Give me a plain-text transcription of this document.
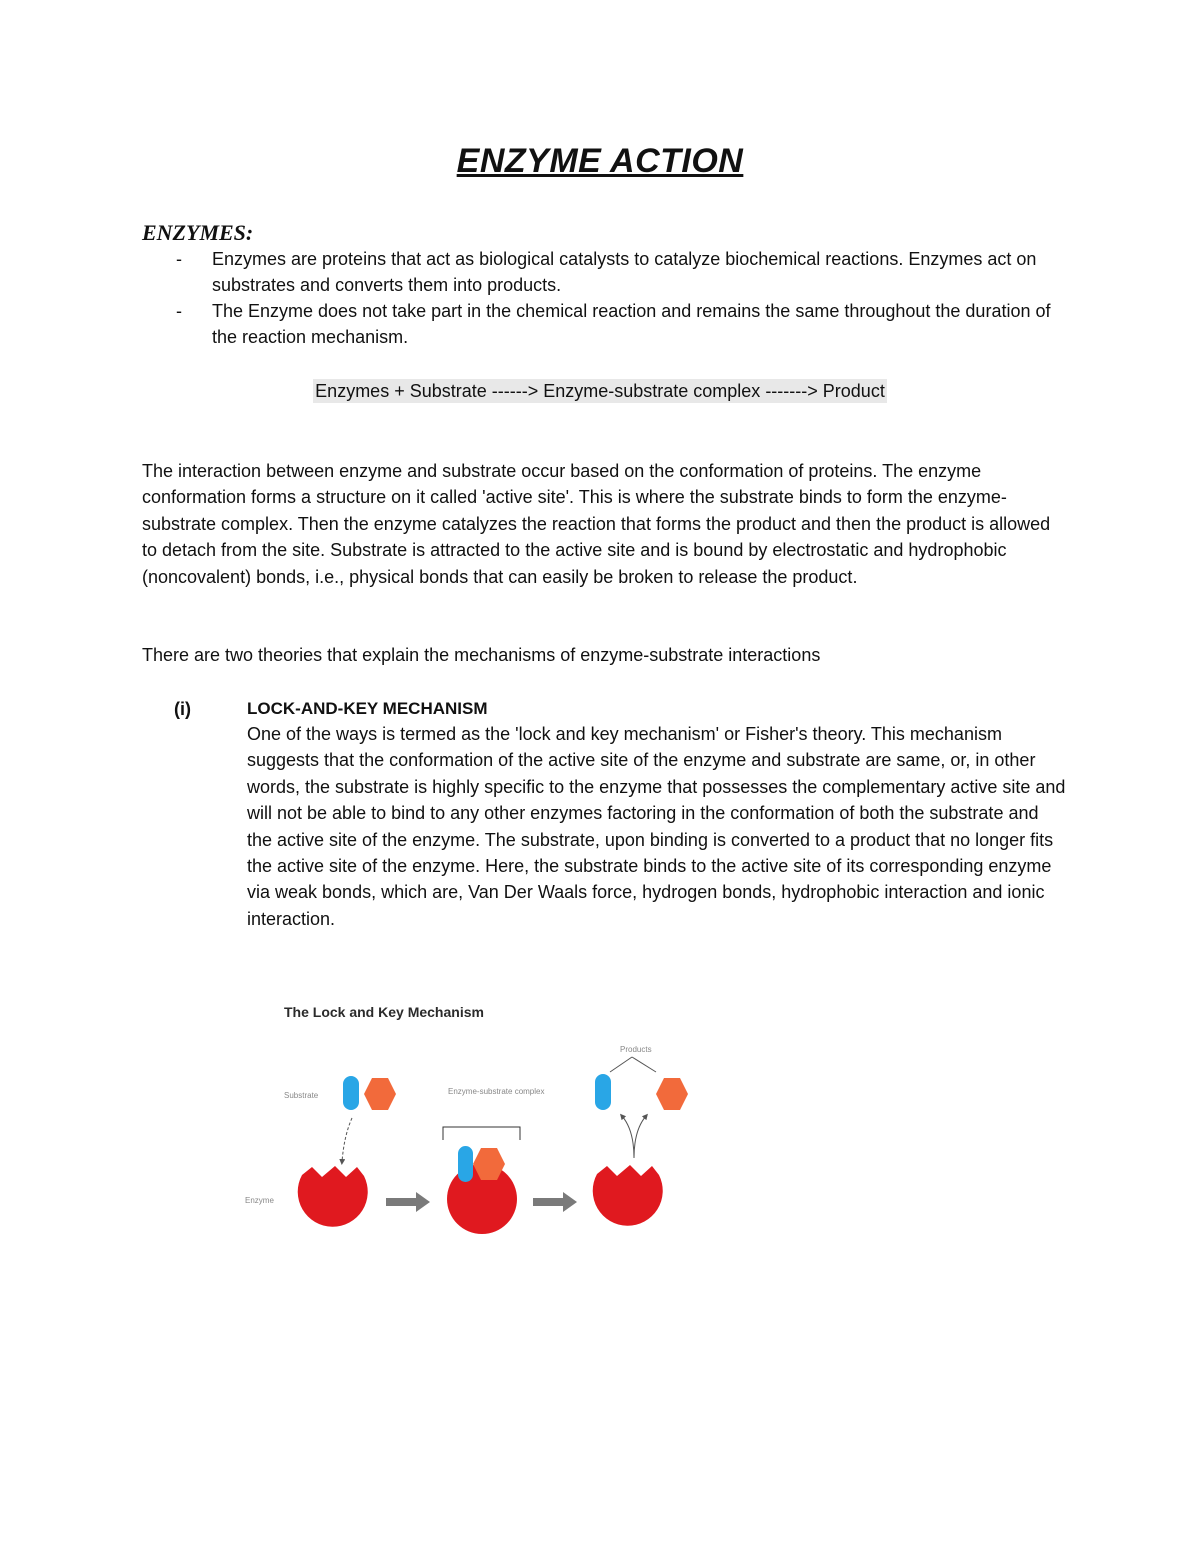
ENZYME ACTION
ENZYMES:
- Enzymes are proteins that act as biological catalysts to catalyze biochemical reactions. Enzymes act on substrates and converts them into products.
- The Enzyme does not take part in the chemical reaction and remains the same throughout the duration of the reaction mechanism.
Enzymes + Substrate ------> Enzyme-substrate complex -------> Product

The interaction between enzyme and substrate occur based on the conformation of proteins. The enzyme conformation forms a structure on it called 'active site'. This is where the substrate binds to form the enzyme-substrate complex. Then the enzyme catalyzes the reaction that forms the product and then the product is allowed to detach from the site. Substrate is attracted to the active site and is bound by electrostatic and hydrophobic (noncovalent) bonds, i.e., physical bonds that can easily be broken to release the product.

There are two theories that explain the mechanisms of enzyme-substrate interactions

(i)	LOCK-AND-KEY MECHANISM

One of the ways is termed as the 'lock and key mechanism' or Fisher's theory. This mechanism suggests that the conformation of the active site of the enzyme and substrate are same, or, in other words, the substrate is highly specific to the enzyme that possesses the complementary active site and will not be able to bind to any other enzymes factoring in the conformation of both the substrate and the active site of the enzyme. The substrate, upon binding is converted to a product that no longer fits the active site of the enzyme. Here, the substrate binds to the active site of its corresponding enzyme via weak bonds, which are, Van Der Waals force, hydrogen bonds, hydrophobic interaction and ionic interaction.

The Lock and Key Mechanism
Substrate
Enzyme
Enzyme-substrate complex
Products
